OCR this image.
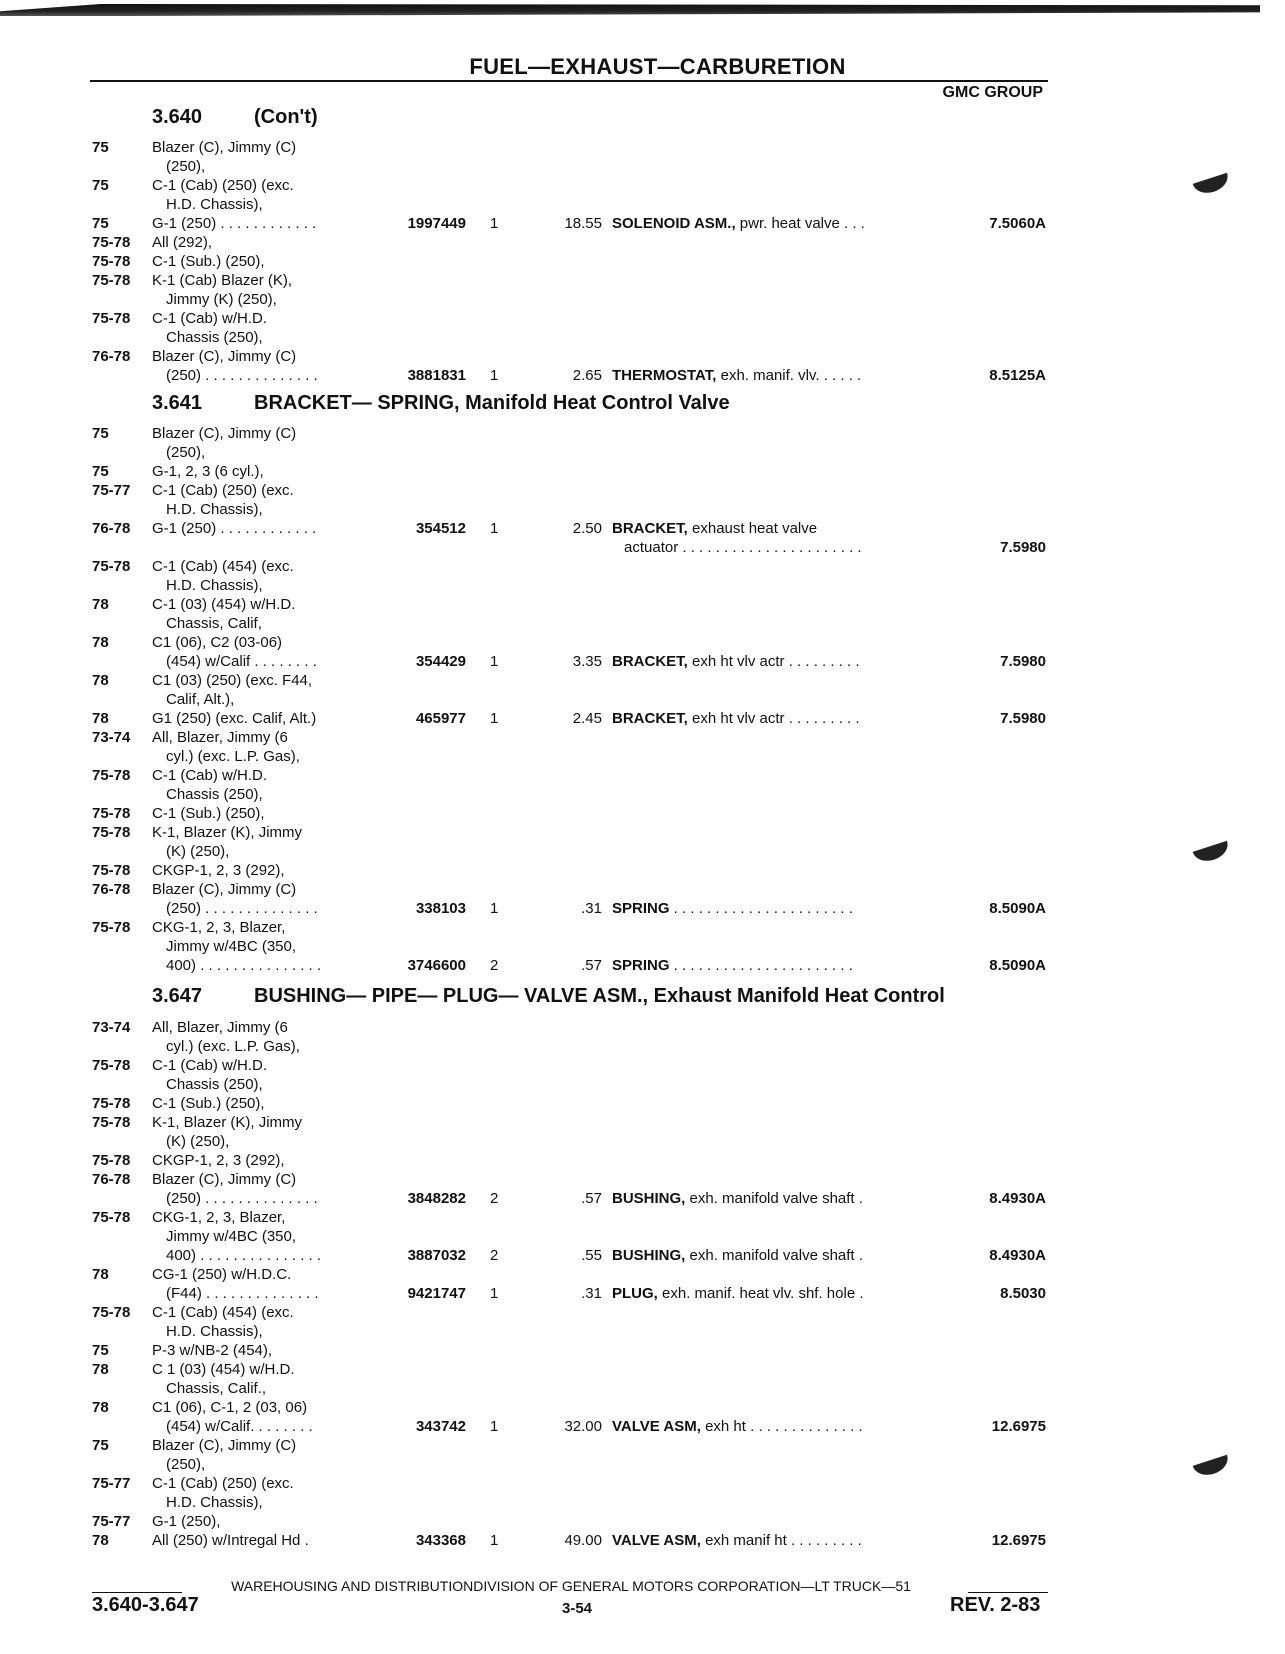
FUEL—EXHAUST—CARBURETION
GMC GROUP
3.640	(Con't)
3.641	BRACKET— SPRING, Manifold Heat Control Valve
3.647	BUSHING— PIPE— PLUG— VALVE ASM., Exhaust Manifold Heat Control
75	Blazer (C), Jimmy (C)
(250),
75	C-1 (Cab) (250) (exc.
H.D. Chassis),
75	G-1 (250) . . . . . . . . . . . .	1997449 1	18.55 SOLENOID ASM., pwr. heat valve . . .	7.5060A
75-78 All (292),
75-78 C-1 (Sub.) (250),
75-78 K-1 (Cab) Blazer (K),
Jimmy (K) (250),
75-78 C-1 (Cab) w/H.D.
Chassis (250),
76-78 Blazer (C), Jimmy (C)
(250) . . . . . . . . . . . . . .	3881831 1	2.65 THERMOSTAT, exh. manif. vlv. . . . . .	8.5125A
75	Blazer (C), Jimmy (C)
(250),
75	G-1, 2, 3 (6 cyl.),
75-77 C-1 (Cab) (250) (exc.
H.D. Chassis),
76-78 G-1 (250) . . . . . . . . . . . .	354512 1	2.50 BRACKET, exhaust heat valve
actuator . . . . . . . . . . . . . . . . . . . . . .	7.5980
75-78 C-1 (Cab) (454) (exc.
H.D. Chassis),
78	C-1 (03) (454) w/H.D.
Chassis, Calif,
78	C1 (06), C2 (03-06)
(454) w/Calif . . . . . . . .	354429 1	3.35 BRACKET, exh ht vlv actr . . . . . . . . .	7.5980
78	C1 (03) (250) (exc. F44,
Calif, Alt.),
78	G1 (250) (exc. Calif, Alt.)	465977 1	2.45 BRACKET, exh ht vlv actr . . . . . . . . .	7.5980
73-74 All, Blazer, Jimmy (6
cyl.) (exc. L.P. Gas),
75-78 C-1 (Cab) w/H.D.
Chassis (250),
75-78 C-1 (Sub.) (250),
75-78 K-1, Blazer (K), Jimmy
(K) (250),
75-78 CKGP-1, 2, 3 (292),
76-78 Blazer (C), Jimmy (C)
(250) . . . . . . . . . . . . . .	338103 1	.31 SPRING . . . . . . . . . . . . . . . . . . . . . .	8.5090A
75-78 CKG-1, 2, 3, Blazer,
Jimmy w/4BC (350,
400) . . . . . . . . . . . . . . .	3746600 2	.57 SPRING . . . . . . . . . . . . . . . . . . . . . .	8.5090A
73-74 All, Blazer, Jimmy (6
cyl.) (exc. L.P. Gas),
75-78 C-1 (Cab) w/H.D.
Chassis (250),
75-78 C-1 (Sub.) (250),
75-78 K-1, Blazer (K), Jimmy
(K) (250),
75-78 CKGP-1, 2, 3 (292),
76-78 Blazer (C), Jimmy (C)
(250) . . . . . . . . . . . . . .	3848282 2	.57 BUSHING, exh. manifold valve shaft .	8.4930A
75-78 CKG-1, 2, 3, Blazer,
Jimmy w/4BC (350,
400) . . . . . . . . . . . . . . .	3887032 2	.55 BUSHING, exh. manifold valve shaft .	8.4930A
78	CG-1 (250) w/H.D.C.
(F44) . . . . . . . . . . . . . .	9421747 1	.31 PLUG, exh. manif. heat vlv. shf. hole .	8.5030
75-78 C-1 (Cab) (454) (exc.
H.D. Chassis),
75	P-3 w/NB-2 (454),
78	C 1 (03) (454) w/H.D.
Chassis, Calif.,
78	C1 (06), C-1, 2 (03, 06)
(454) w/Calif. . . . . . . .	343742 1	32.00 VALVE ASM, exh ht . . . . . . . . . . . . . .	12.6975
75	Blazer (C), Jimmy (C)
(250),
75-77 C-1 (Cab) (250) (exc.
H.D. Chassis),
75-77 G-1 (250),
78	All (250) w/Intregal Hd .	343368 1	49.00 VALVE ASM, exh manif ht . . . . . . . . .	12.6975
WAREHOUSING AND DISTRIBUTIONDIVISION OF GENERAL MOTORS CORPORATION—LT TRUCK—51
3.640-3.647	3-54	REV. 2-83
